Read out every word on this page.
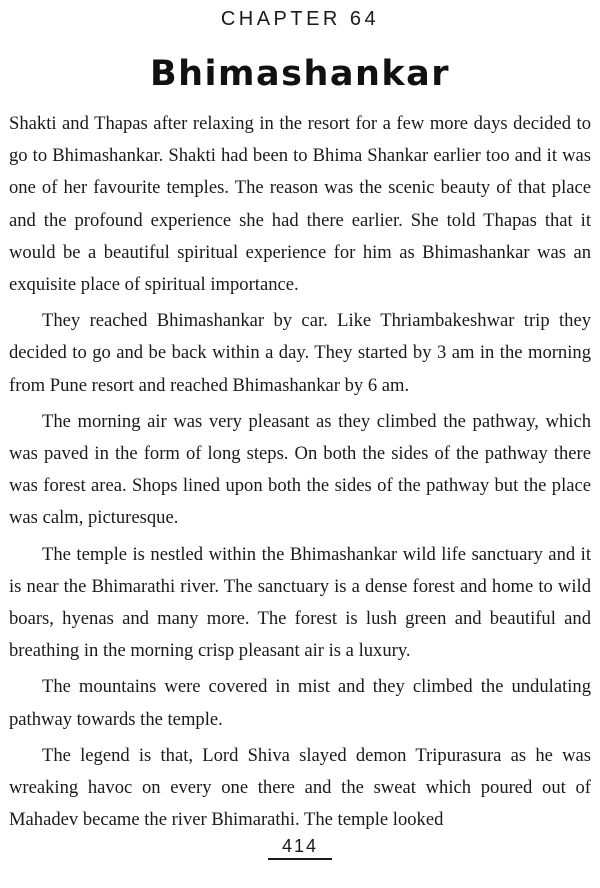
CHAPTER 64
Bhimashankar

Shakti and Thapas after relaxing in the resort for a few more days decided to go to Bhimashankar. Shakti had been to Bhima Shankar earlier too and it was one of her favourite temples. The reason was the scenic beauty of that place and the profound experience she had there earlier. She told Thapas that it would be a beautiful spiritual experience for him as Bhimashankar was an exquisite place of spiritual importance.

They reached Bhimashankar by car. Like Thriambakeshwar trip they decided to go and be back within a day. They started by 3 am in the morning from Pune resort and reached Bhimashankar by 6 am.

The morning air was very pleasant as they climbed the pathway, which was paved in the form of long steps. On both the sides of the pathway there was forest area. Shops lined upon both the sides of the pathway but the place was calm, picturesque.

The temple is nestled within the Bhimashankar wild life sanctuary and it is near the Bhimarathi river. The sanctuary is a dense forest and home to wild boars, hyenas and many more. The forest is lush green and beautiful and breathing in the morning crisp pleasant air is a luxury.

The mountains were covered in mist and they climbed the undulating pathway towards the temple.

The legend is that, Lord Shiva slayed demon Tripurasura as he was wreaking havoc on every one there and the sweat which poured out of Mahadev became the river Bhimarathi. The temple looked

414
